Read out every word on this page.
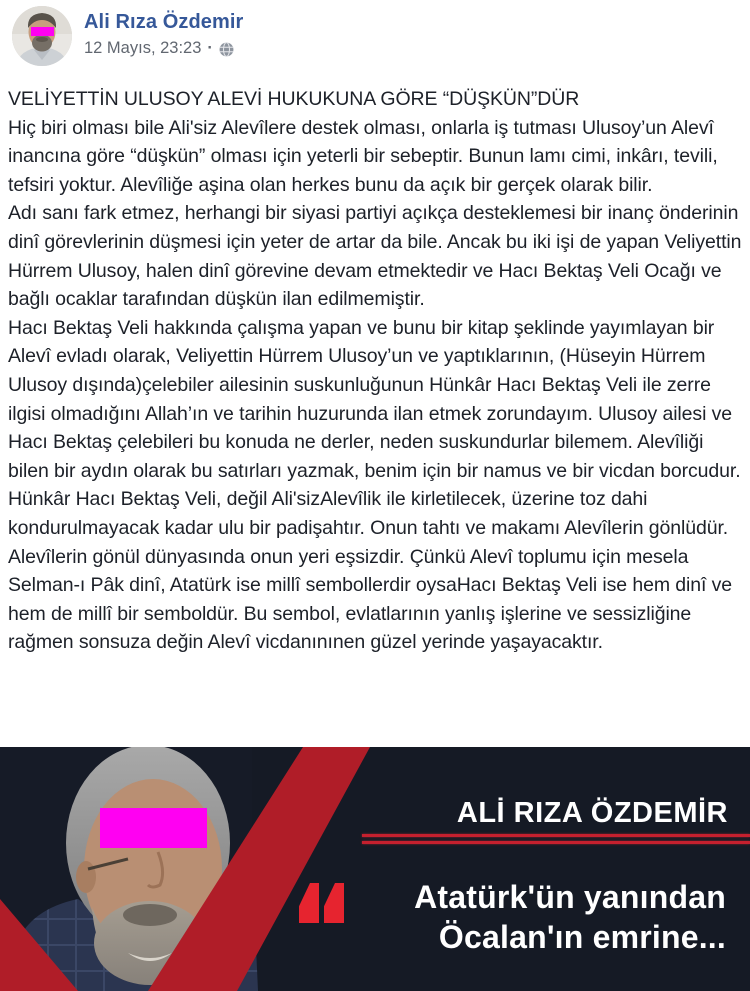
Ali Rıza Özdemir
12 Mayıs, 23:23 ·

VELİYETTİN ULUSOY ALEVİ HUKUKUNA GÖRE “DÜŞKÜN”DÜR

Hiç biri olması bile Ali'siz Alevîlere destek olması, onlarla iş tutması Ulusoy’un Alevî inancına göre “düşkün” olması için yeterli bir sebeptir. Bunun lamı cimi, inkârı, tevili, tefsiri yoktur. Alevîliğe aşina olan herkes bunu da açık bir gerçek olarak bilir.

Adı sanı fark etmez, herhangi bir siyasi partiyi açıkça desteklemesi bir inanç önderinin dinî görevlerinin düşmesi için yeter de artar da bile. Ancak bu iki işi de yapan Veliyettin Hürrem Ulusoy, halen dinî görevine devam etmektedir ve Hacı Bektaş Veli Ocağı ve bağlı ocaklar tarafından düşkün ilan edilmemiştir.

Hacı Bektaş Veli hakkında çalışma yapan ve bunu bir kitap şeklinde yayımlayan bir Alevî evladı olarak, Veliyettin Hürrem Ulusoy’un ve yaptıklarının, (Hüseyin Hürrem Ulusoy dışında)çelebiler ailesinin suskunluğunun Hünkâr Hacı Bektaş Veli ile zerre ilgisi olmadığını Allah’ın ve tarihin huzurunda ilan etmek zorundayım. Ulusoy ailesi ve Hacı Bektaş çelebileri bu konuda ne derler, neden suskundurlar bilemem. Alevîliği bilen bir aydın olarak bu satırları yazmak, benim için bir namus ve bir vicdan borcudur.

Hünkâr Hacı Bektaş Veli, değil Ali'sizAlevîlik ile kirletilecek, üzerine toz dahi kondurulmayacak kadar ulu bir padişahtır. Onun tahtı ve makamı Alevîlerin gönlüdür. Alevîlerin gönül dünyasında onun yeri eşsizdir. Çünkü Alevî toplumu için mesela Selman-ı Pâk dinî, Atatürk ise millî sembollerdir oysaHacı Bektaş Veli ise hem dinî ve hem de millî bir semboldür. Bu sembol, evlatlarının yanlış işlerine ve sessizliğine rağmen sonsuza değin Alevî vicdanınınen güzel yerinde yaşayacaktır.

ALİ RIZA ÖZDEMİR
Atatürk'ün yanından
Öcalan'ın emrine...
